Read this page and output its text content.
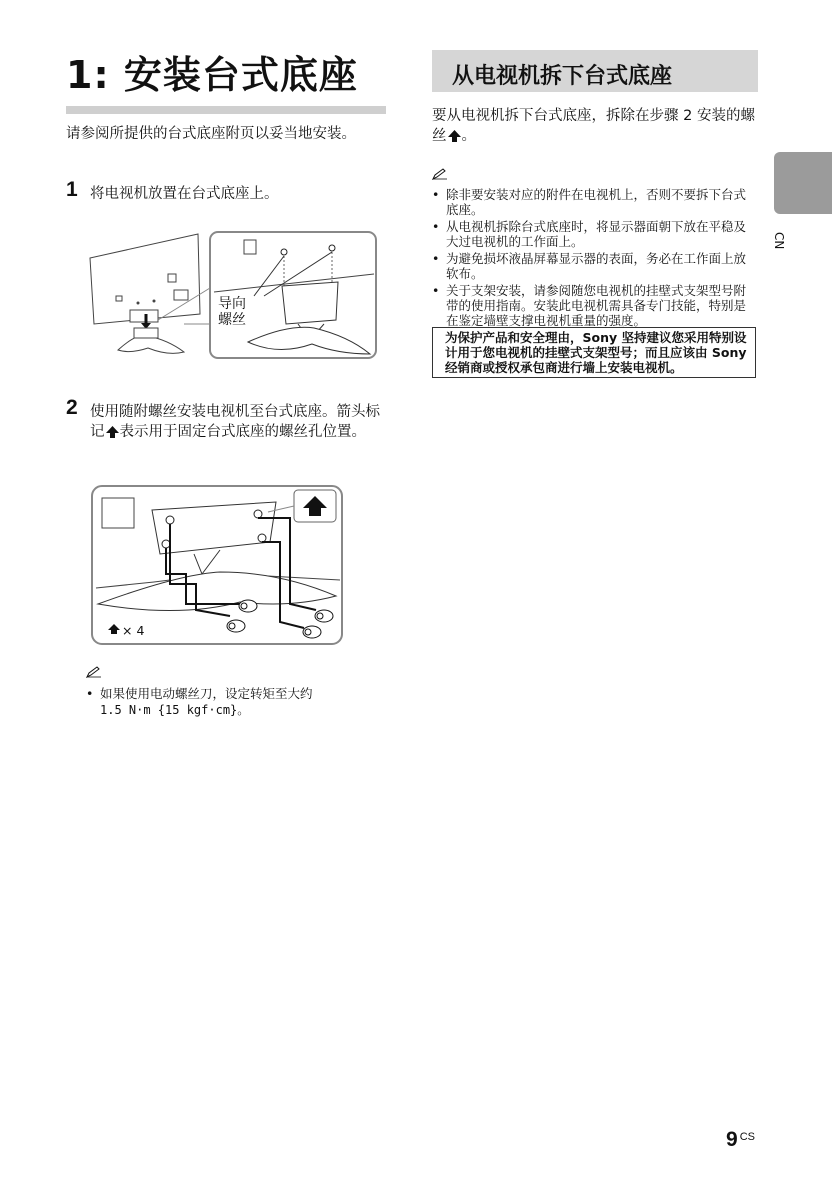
1: 安装台式底座
请参阅所提供的台式底座附页以妥当地安装。
1 将电视机放置在台式底座上。
导向
螺丝
2 使用随附螺丝安装电视机至台式底座。箭头标记 表示用于固定台式底座的螺丝孔位置。
× 4
• 如果使用电动螺丝刀，设定转矩至大约
1.5 N·m {15 kgf·cm}。
从电视机拆下台式底座
要从电视机拆下台式底座，拆除在步骤 2 安装的螺丝 。
• 除非要安装对应的附件在电视机上，否则不要拆下台式底座。
• 从电视机拆除台式底座时，将显示器面朝下放在平稳及大过电视机的工作面上。
• 为避免损坏液晶屏幕显示器的表面，务必在工作面上放软布。
• 关于支架安装，请参阅随您电视机的挂壁式支架型号附带的使用指南。安装此电视机需具备专门技能，特别是在鉴定墙壁支撑电视机重量的强度。
为保护产品和安全理由，Sony 坚持建议您采用特别设计用于您电视机的挂壁式支架型号；而且应该由 Sony 经销商或授权承包商进行墙上安装电视机。
CN
9 $^{CS}$
